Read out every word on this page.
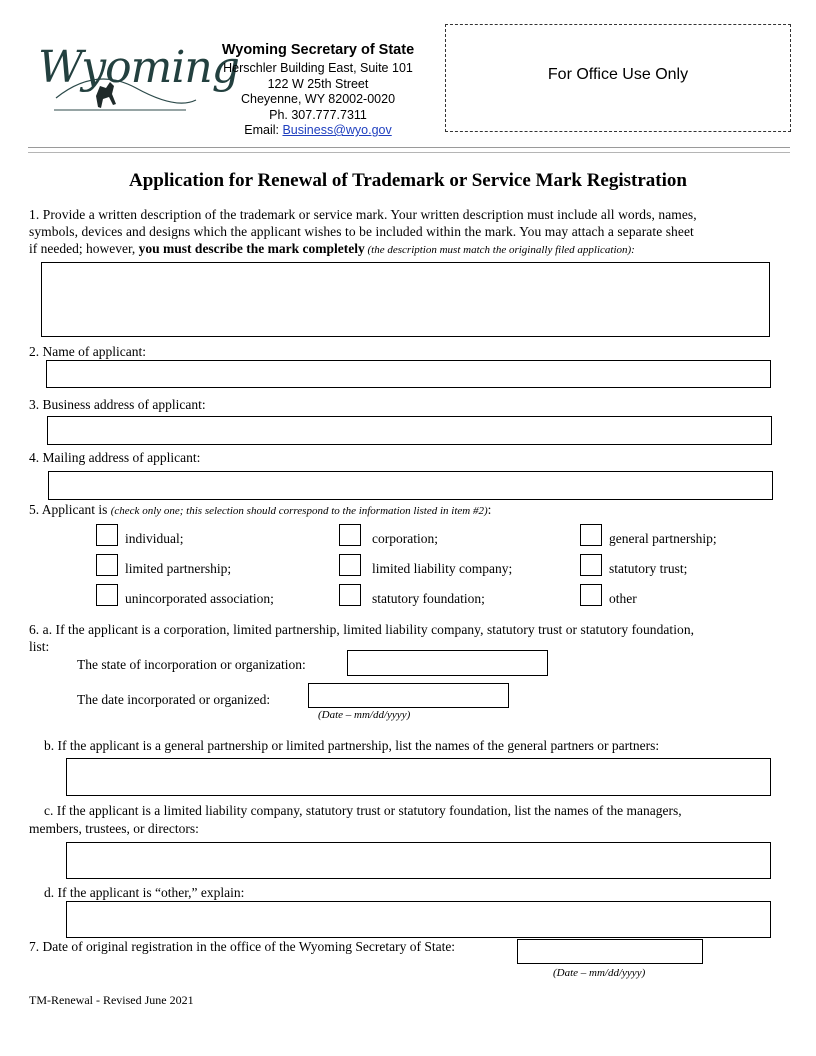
Wyoming
Wyoming Secretary of State
Herschler Building East, Suite 101
122 W 25th Street
Cheyenne, WY 82002-0020
Ph. 307.777.7311
Email: Business@wyo.gov
For Office Use Only
Application for Renewal of Trademark or Service Mark Registration
1. Provide a written description of the trademark or service mark. Your written description must include all words, names,
symbols, devices and designs which the applicant wishes to be included within the mark. You may attach a separate sheet
if needed; however, you must describe the mark completely (the description must match the originally filed application):
2. Name of applicant:
3. Business address of applicant:
4. Mailing address of applicant:
5. Applicant is (check only one; this selection should correspond to the information listed in item #2):
individual;	corporation;	general partnership;
limited partnership;	limited liability company;	statutory trust;
unincorporated association;	statutory foundation;	other
6. a. If the applicant is a corporation, limited partnership, limited liability company, statutory trust or statutory foundation,
list:
The state of incorporation or organization:
The date incorporated or organized:
(Date – mm/dd/yyyy)
b. If the applicant is a general partnership or limited partnership, list the names of the general partners or partners:
c. If the applicant is a limited liability company, statutory trust or statutory foundation, list the names of the managers,
members, trustees, or directors:
d. If the applicant is “other,” explain:
7. Date of original registration in the office of the Wyoming Secretary of State:
(Date – mm/dd/yyyy)
TM-Renewal - Revised June 2021
